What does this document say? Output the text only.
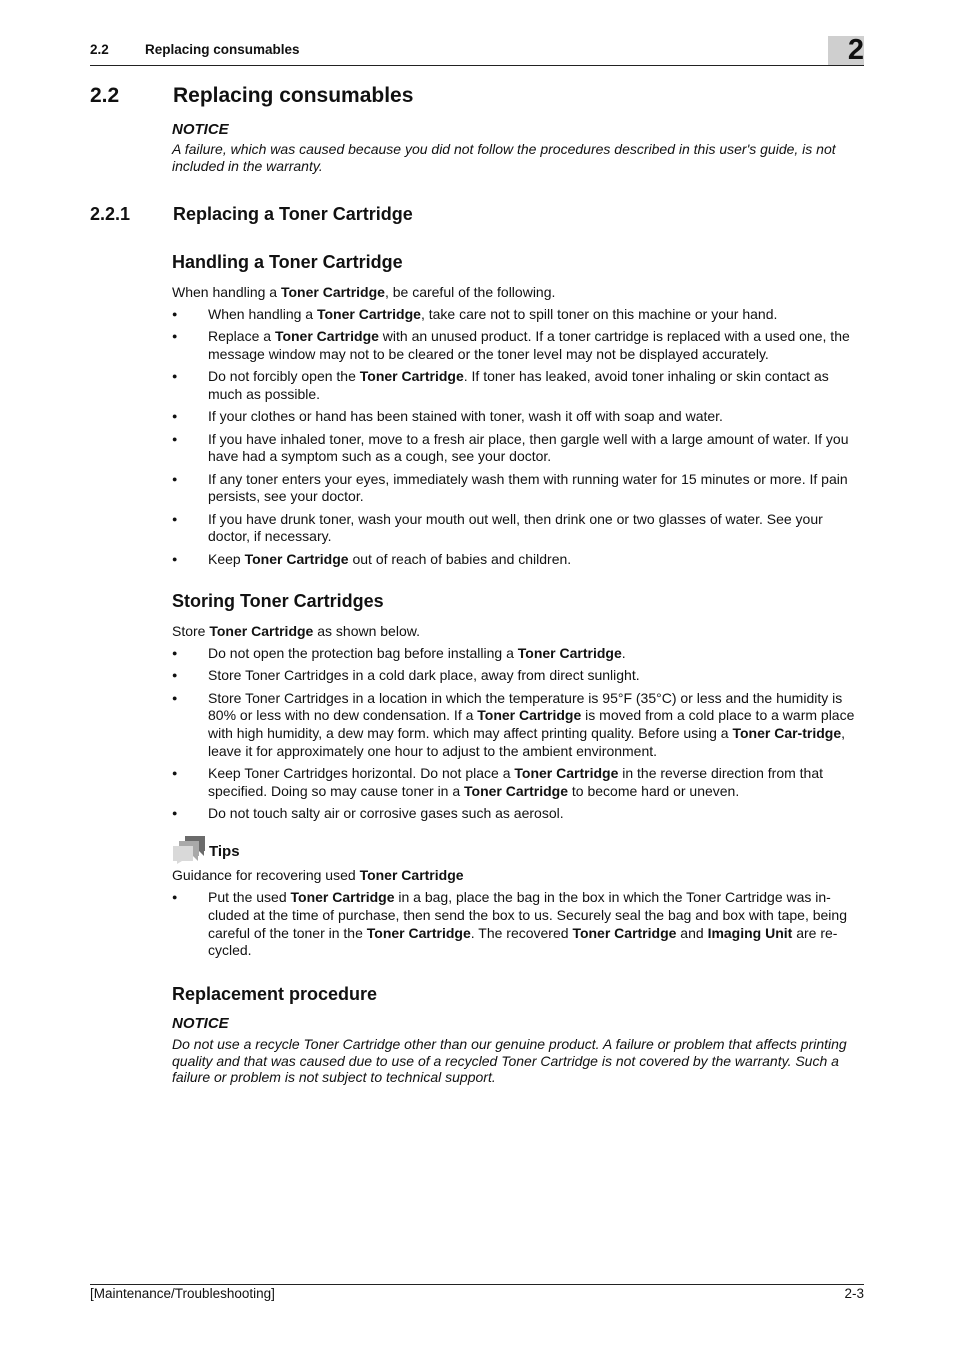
2.2	Replacing consumables	2
2.2	Replacing consumables
NOTICE
A failure, which was caused because you did not follow the procedures described in this user's guide, is not included in the warranty.
2.2.1 Replacing a Toner Cartridge
Handling a Toner Cartridge
When handling a Toner Cartridge, be careful of the following.
● When handling a Toner Cartridge, take care not to spill toner on this machine or your hand.
● Replace a Toner Cartridge with an unused product. If a toner cartridge is replaced with a used one, the message window may not to be cleared or the toner level may not be displayed accurately.
● Do not forcibly open the Toner Cartridge. If toner has leaked, avoid toner inhaling or skin contact as much as possible.
● If your clothes or hand has been stained with toner, wash it off with soap and water.
● If you have inhaled toner, move to a fresh air place, then gargle well with a large amount of water. If you have had a symptom such as a cough, see your doctor.
● If any toner enters your eyes, immediately wash them with running water for 15 minutes or more. If pain persists, see your doctor.
● If you have drunk toner, wash your mouth out well, then drink one or two glasses of water. See your doctor, if necessary.
● Keep Toner Cartridge out of reach of babies and children.
Storing Toner Cartridges
Store Toner Cartridge as shown below.
● Do not open the protection bag before installing a Toner Cartridge.
● Store Toner Cartridges in a cold dark place, away from direct sunlight.
● Store Toner Cartridges in a location in which the temperature is 95°F (35°C) or less and the humidity is 80% or less with no dew condensation. If a Toner Cartridge is moved from a cold place to a warm place with high humidity, a dew may form. which may affect printing quality. Before using a Toner Car-tridge, leave it for approximately one hour to adjust to the ambient environment.
● Keep Toner Cartridges horizontal. Do not place a Toner Cartridge in the reverse direction from that specified. Doing so may cause toner in a Toner Cartridge to become hard or uneven.
● Do not touch salty air or corrosive gases such as aerosol.
Tips
Guidance for recovering used Toner Cartridge
● Put the used Toner Cartridge in a bag, place the bag in the box in which the Toner Cartridge was in-cluded at the time of purchase, then send the box to us. Securely seal the bag and box with tape, being careful of the toner in the Toner Cartridge. The recovered Toner Cartridge and Imaging Unit are re-cycled.
Replacement procedure
NOTICE
Do not use a recycle Toner Cartridge other than our genuine product. A failure or problem that affects printing quality and that was caused due to use of a recycled Toner Cartridge is not covered by the warranty. Such a failure or problem is not subject to technical support.
[Maintenance/Troubleshooting]	2-3
